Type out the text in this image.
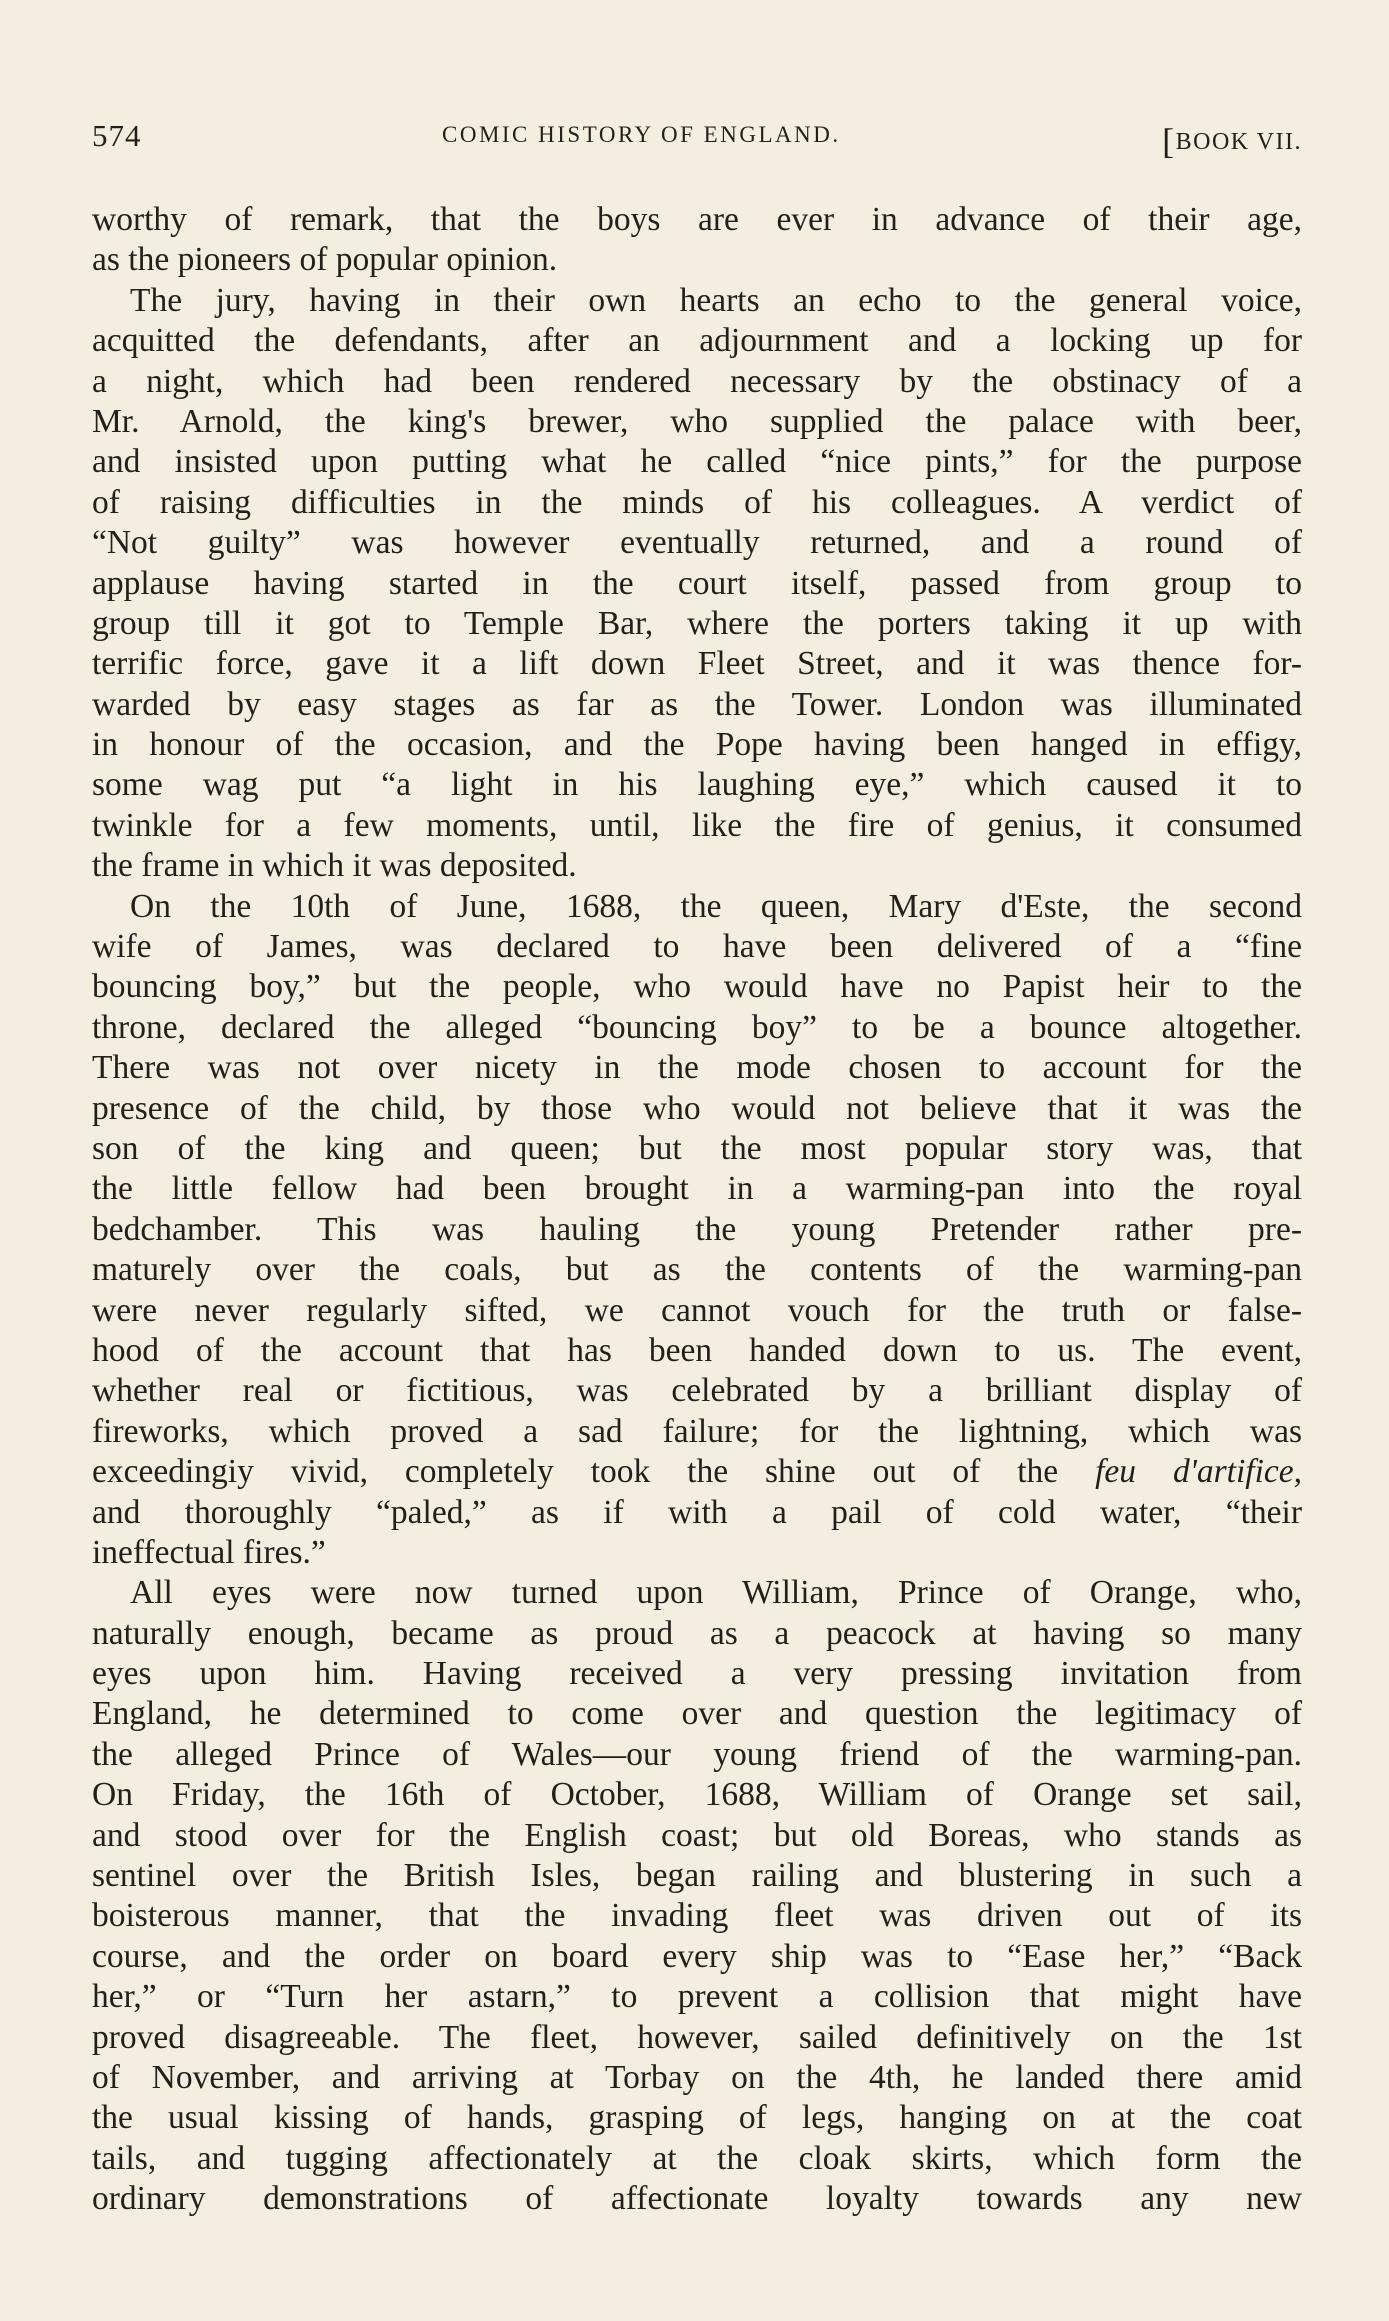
574	COMIC HISTORY OF ENGLAND.	[BOOK VII.
worthy of remark, that the boys are ever in advance of their age,
as the pioneers of popular opinion.
The jury, having in their own hearts an echo to the general voice,
acquitted the defendants, after an adjournment and a locking up for
a night, which had been rendered necessary by the obstinacy of a
Mr. Arnold, the king's brewer, who supplied the palace with beer,
and insisted upon putting what he called “nice pints,” for the purpose
of raising difficulties in the minds of his colleagues. A verdict of
“Not guilty” was however eventually returned, and a round of
applause having started in the court itself, passed from group to
group till it got to Temple Bar, where the porters taking it up with
terrific force, gave it a lift down Fleet Street, and it was thence for-
warded by easy stages as far as the Tower. London was illuminated
in honour of the occasion, and the Pope having been hanged in effigy,
some wag put “a light in his laughing eye,” which caused it to
twinkle for a few moments, until, like the fire of genius, it consumed
the frame in which it was deposited.
On the 10th of June, 1688, the queen, Mary d'Este, the second
wife of James, was declared to have been delivered of a “fine
bouncing boy,” but the people, who would have no Papist heir to the
throne, declared the alleged “bouncing boy” to be a bounce altogether.
There was not over nicety in the mode chosen to account for the
presence of the child, by those who would not believe that it was the
son of the king and queen; but the most popular story was, that
the little fellow had been brought in a warming-pan into the royal
bedchamber. This was hauling the young Pretender rather pre-
maturely over the coals, but as the contents of the warming-pan
were never regularly sifted, we cannot vouch for the truth or false-
hood of the account that has been handed down to us. The event,
whether real or fictitious, was celebrated by a brilliant display of
fireworks, which proved a sad failure; for the lightning, which was
exceedingiy vivid, completely took the shine out of the feu d'artifice,
and thoroughly “paled,” as if with a pail of cold water, “their
ineffectual fires.”
All eyes were now turned upon William, Prince of Orange, who,
naturally enough, became as proud as a peacock at having so many
eyes upon him. Having received a very pressing invitation from
England, he determined to come over and question the legitimacy of
the alleged Prince of Wales—our young friend of the warming-pan.
On Friday, the 16th of October, 1688, William of Orange set sail,
and stood over for the English coast; but old Boreas, who stands as
sentinel over the British Isles, began railing and blustering in such a
boisterous manner, that the invading fleet was driven out of its
course, and the order on board every ship was to “Ease her,” “Back
her,” or “Turn her astarn,” to prevent a collision that might have
proved disagreeable. The fleet, however, sailed definitively on the 1st
of November, and arriving at Torbay on the 4th, he landed there amid
the usual kissing of hands, grasping of legs, hanging on at the coat
tails, and tugging affectionately at the cloak skirts, which form the
ordinary demonstrations of affectionate loyalty towards any new
